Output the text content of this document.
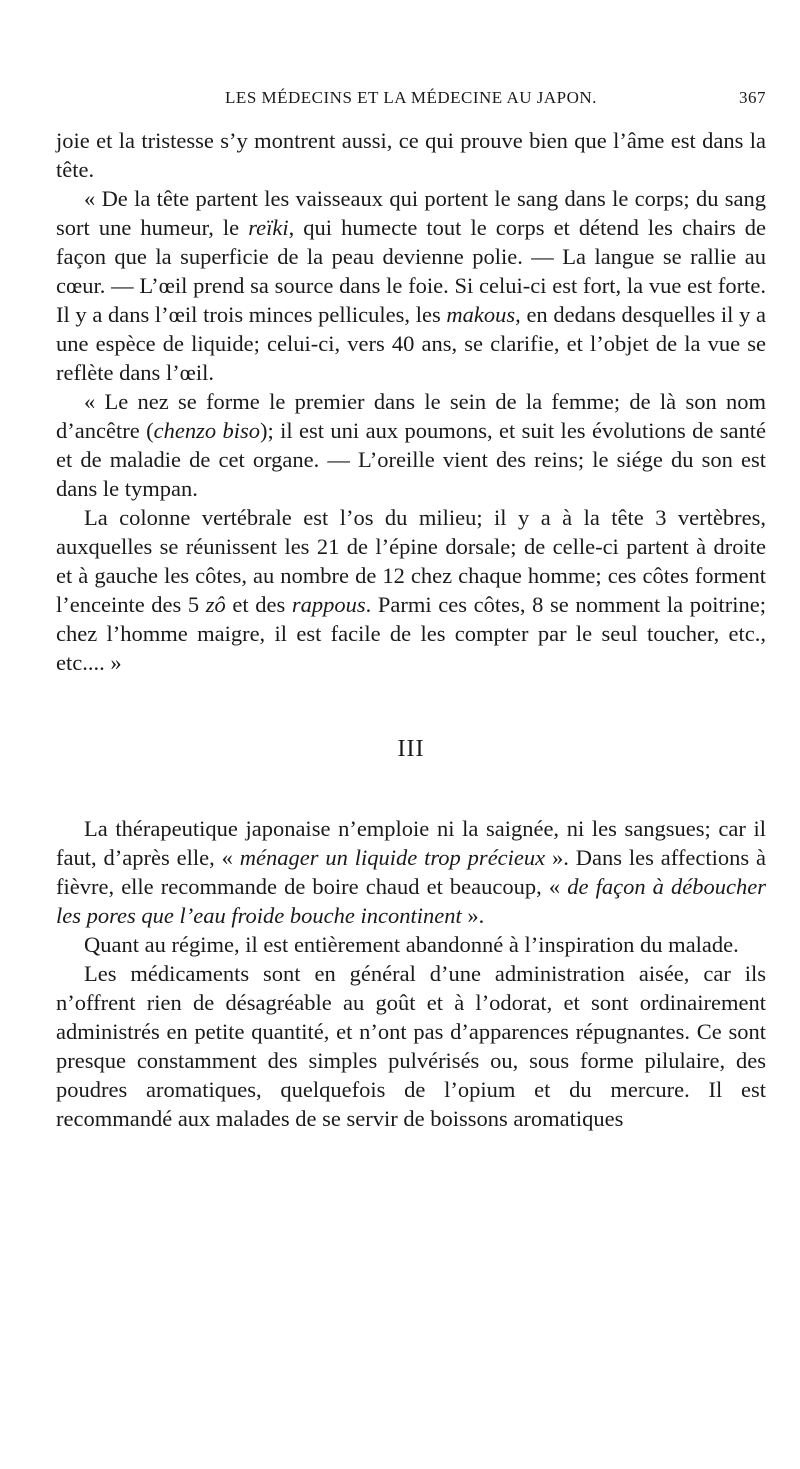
LES MÉDECINS ET LA MÉDECINE AU JAPON.	367

joie et la tristesse s’y montrent aussi, ce qui prouve bien que l’âme est dans la tête.

« De la tête partent les vaisseaux qui portent le sang dans le corps; du sang sort une humeur, le reïki, qui humecte tout le corps et détend les chairs de façon que la superficie de la peau devienne polie. — La langue se rallie au cœur. — L’œil prend sa source dans le foie. Si celui-ci est fort, la vue est forte. Il y a dans l’œil trois minces pellicules, les makous, en dedans desquelles il y a une espèce de liquide; celui-ci, vers 40 ans, se clarifie, et l’objet de la vue se reflète dans l’œil.

« Le nez se forme le premier dans le sein de la femme; de là son nom d’ancêtre (chenzo biso); il est uni aux poumons, et suit les évolutions de santé et de maladie de cet organe. — L’oreille vient des reins; le siége du son est dans le tympan.

La colonne vertébrale est l’os du milieu; il y a à la tête 3 vertèbres, auxquelles se réunissent les 21 de l’épine dorsale; de celle-ci partent à droite et à gauche les côtes, au nombre de 12 chez chaque homme; ces côtes forment l’enceinte des 5 zô et des rappous. Parmi ces côtes, 8 se nomment la poitrine; chez l’homme maigre, il est facile de les compter par le seul toucher, etc., etc.... »

III

La thérapeutique japonaise n’emploie ni la saignée, ni les sangsues; car il faut, d’après elle, « ménager un liquide trop précieux ». Dans les affections à fièvre, elle recommande de boire chaud et beaucoup, « de façon à déboucher les pores que l’eau froide bouche incontinent ».

Quant au régime, il est entièrement abandonné à l’inspiration du malade.

Les médicaments sont en général d’une administration aisée, car ils n’offrent rien de désagréable au goût et à l’odorat, et sont ordinairement administrés en petite quantité, et n’ont pas d’apparences répugnantes. Ce sont presque constamment des simples pulvérisés ou, sous forme pilulaire, des poudres aromatiques, quelquefois de l’opium et du mercure. Il est recommandé aux malades de se servir de boissons aromatiques
